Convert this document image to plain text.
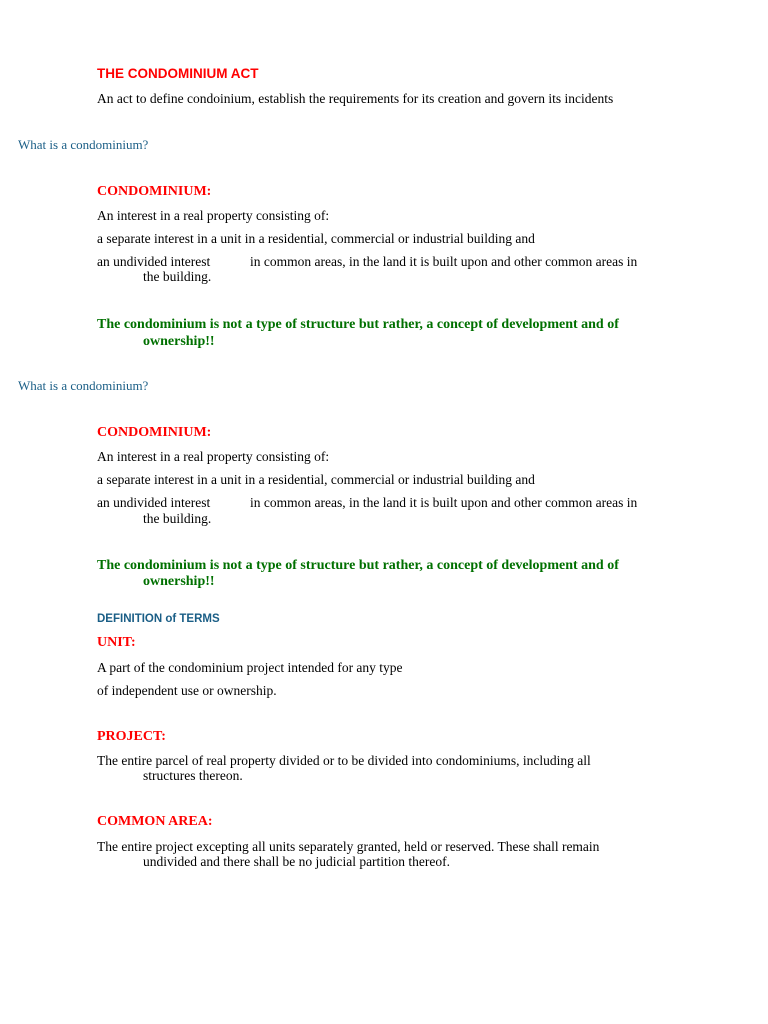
THE CONDOMINIUM ACT
An act to define condoinium, establish the requirements for its creation and govern its incidents
What is a condominium?
CONDOMINIUM:
An interest in a real property consisting of:
a separate interest in a unit in a residential, commercial or industrial building and
an undivided interest	in common areas, in the land it is built upon and other common areas in
the building.
The condominium is not a type of structure but rather, a concept of development and of
ownership!!
What is a condominium?
CONDOMINIUM:
An interest in a real property consisting of:
a separate interest in a unit in a residential, commercial or industrial building and
an undivided interest	in common areas, in the land it is built upon and other common areas in
the building.
The condominium is not a type of structure but rather, a concept of development and of
ownership!!
DEFINITION of TERMS
UNIT:
A part of the condominium project intended for any type
of independent use or ownership.
PROJECT:
The entire parcel of real property divided or to be divided into condominiums, including all
structures thereon.
COMMON AREA:
The entire project excepting all units separately granted, held or reserved. These shall remain
undivided and there shall be no judicial partition thereof.
